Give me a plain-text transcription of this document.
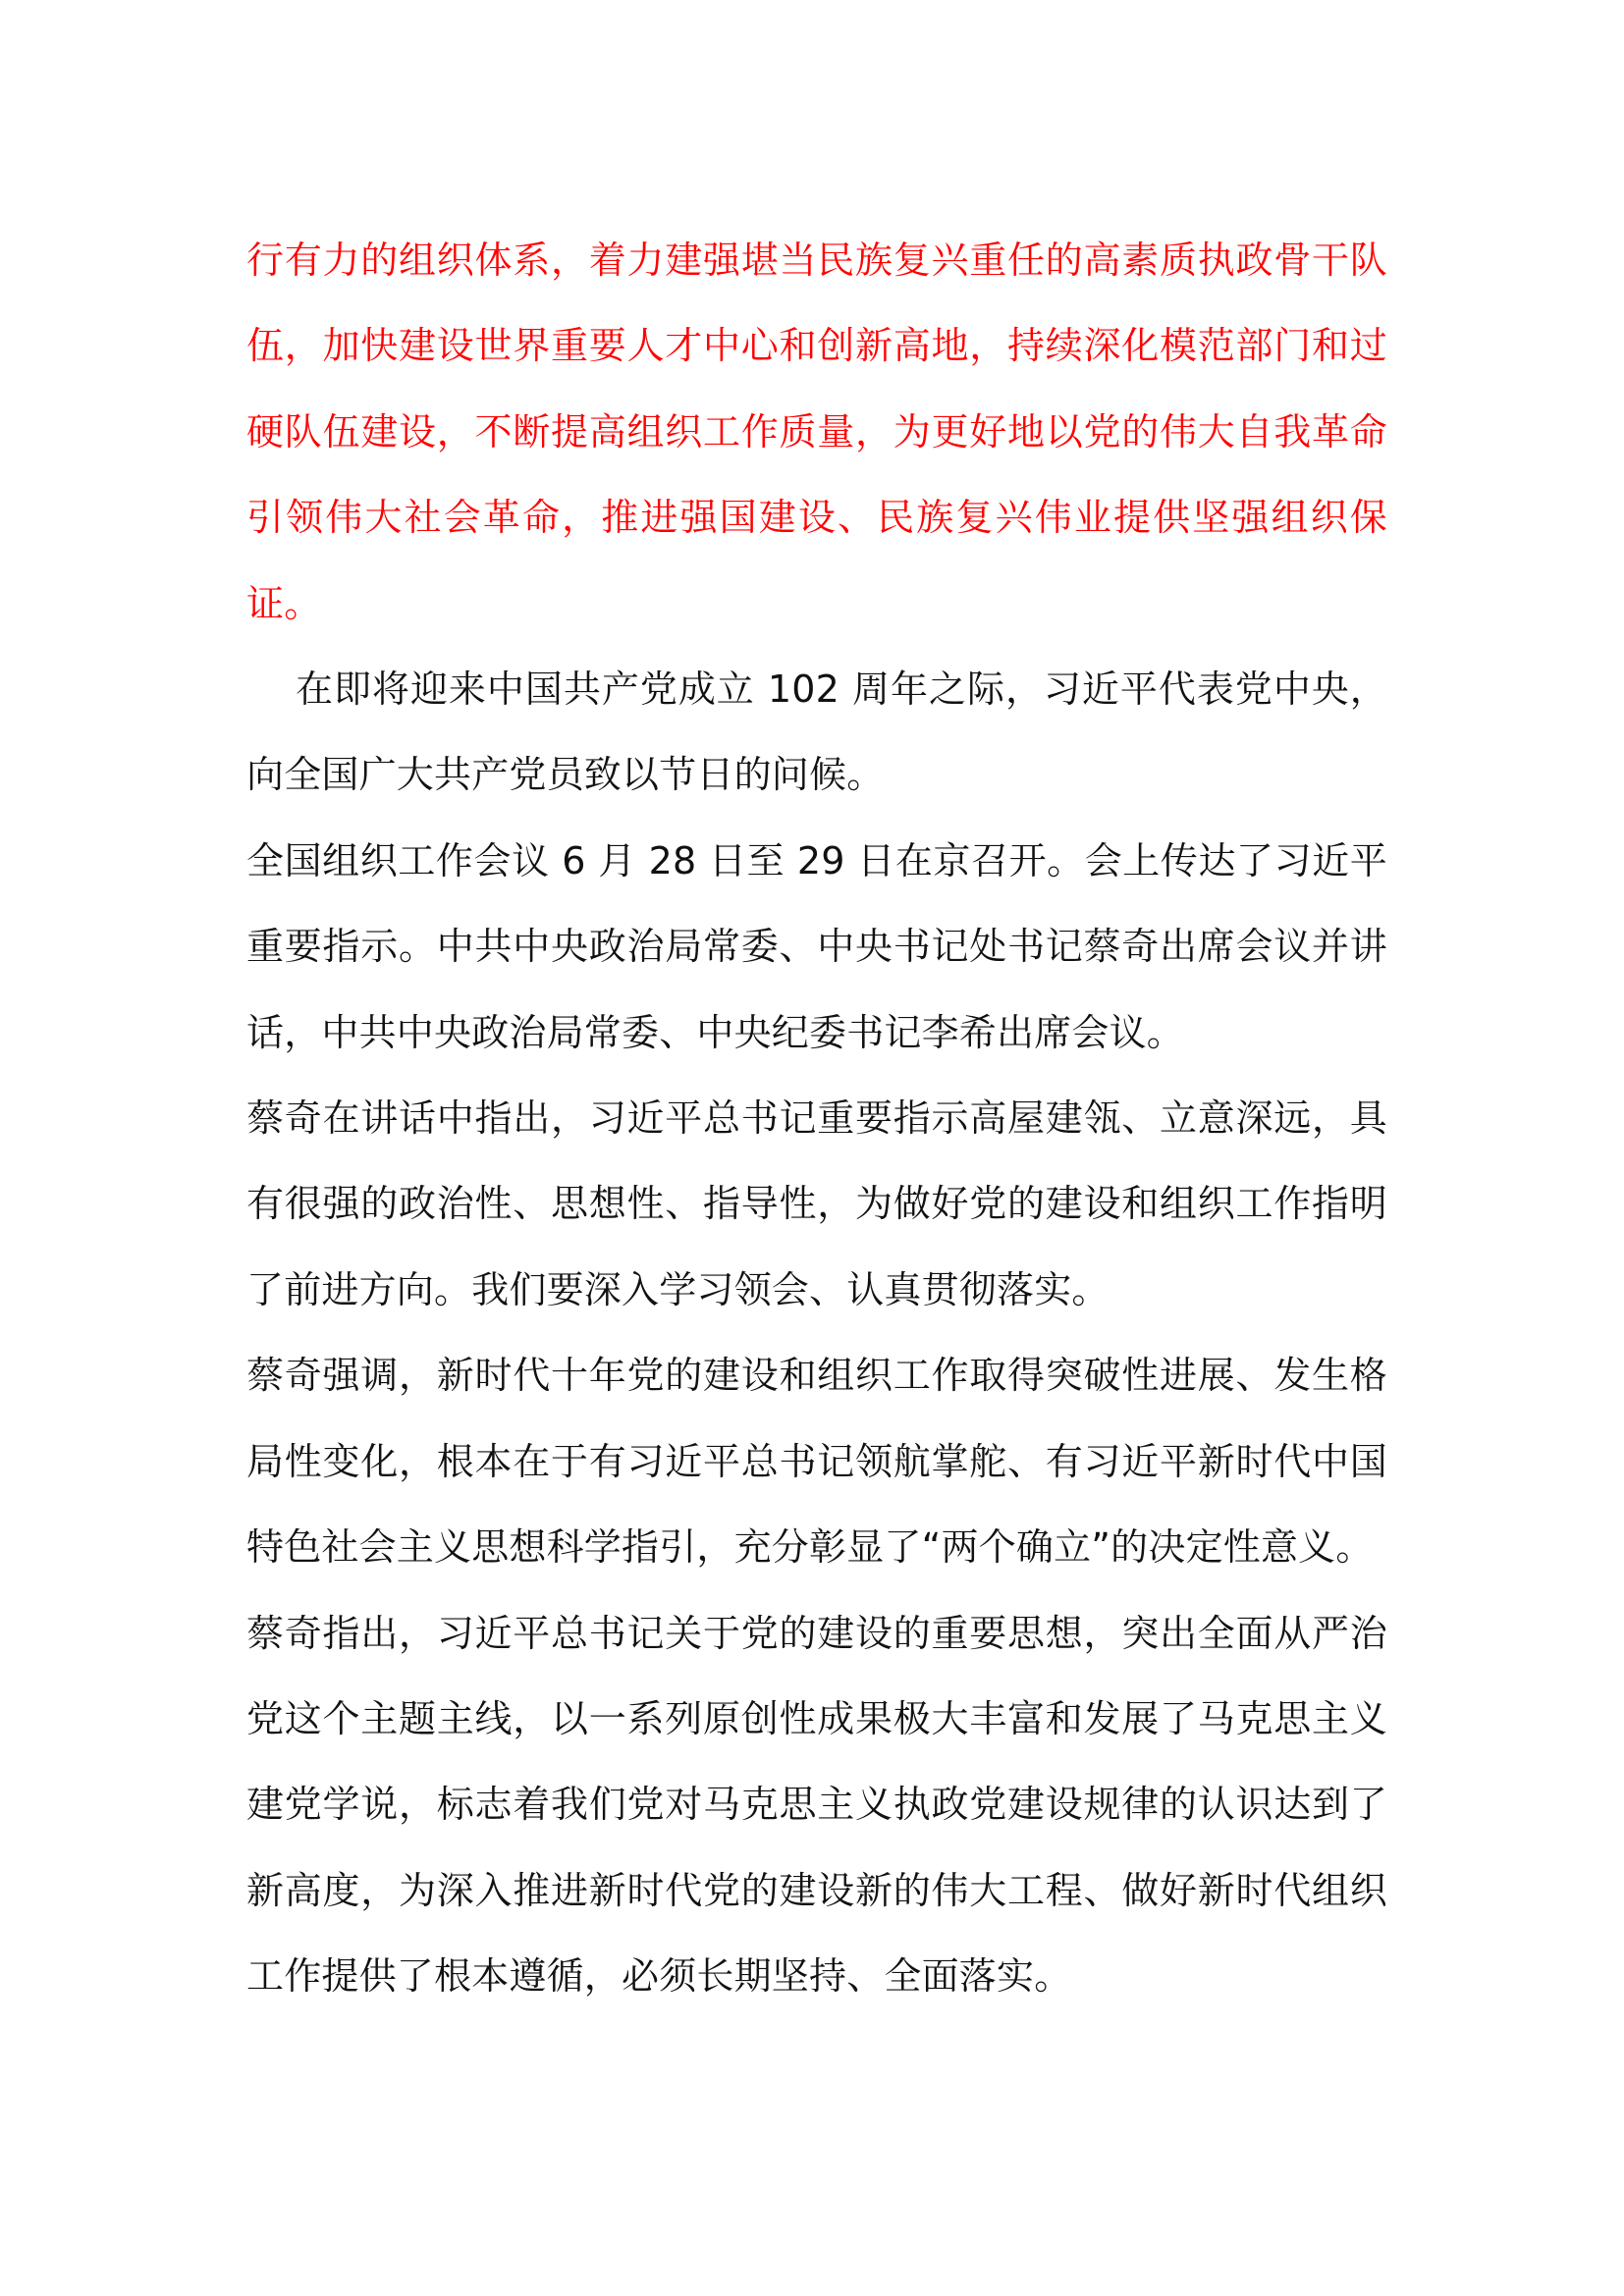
行有力的组织体系，着力建强堪当民族复兴重任的高素质执政骨干队伍，加快建设世界重要人才中心和创新高地，持续深化模范部门和过硬队伍建设，不断提高组织工作质量，为更好地以党的伟大自我革命引领伟大社会革命，推进强国建设、民族复兴伟业提供坚强组织保证。

在即将迎来中国共产党成立 102 周年之际，习近平代表党中央，向全国广大共产党员致以节日的问候。

全国组织工作会议 6 月 28 日至 29 日在京召开。会上传达了习近平重要指示。中共中央政治局常委、中央书记处书记蔡奇出席会议并讲话，中共中央政治局常委、中央纪委书记李希出席会议。

蔡奇在讲话中指出，习近平总书记重要指示高屋建瓴、立意深远，具有很强的政治性、思想性、指导性，为做好党的建设和组织工作指明了前进方向。我们要深入学习领会、认真贯彻落实。

蔡奇强调，新时代十年党的建设和组织工作取得突破性进展、发生格局性变化，根本在于有习近平总书记领航掌舵、有习近平新时代中国特色社会主义思想科学指引，充分彰显了“两个确立”的决定性意义。

蔡奇指出，习近平总书记关于党的建设的重要思想，突出全面从严治党这个主题主线，以一系列原创性成果极大丰富和发展了马克思主义建党学说，标志着我们党对马克思主义执政党建设规律的认识达到了新高度，为深入推进新时代党的建设新的伟大工程、做好新时代组织工作提供了根本遵循，必须长期坚持、全面落实。
